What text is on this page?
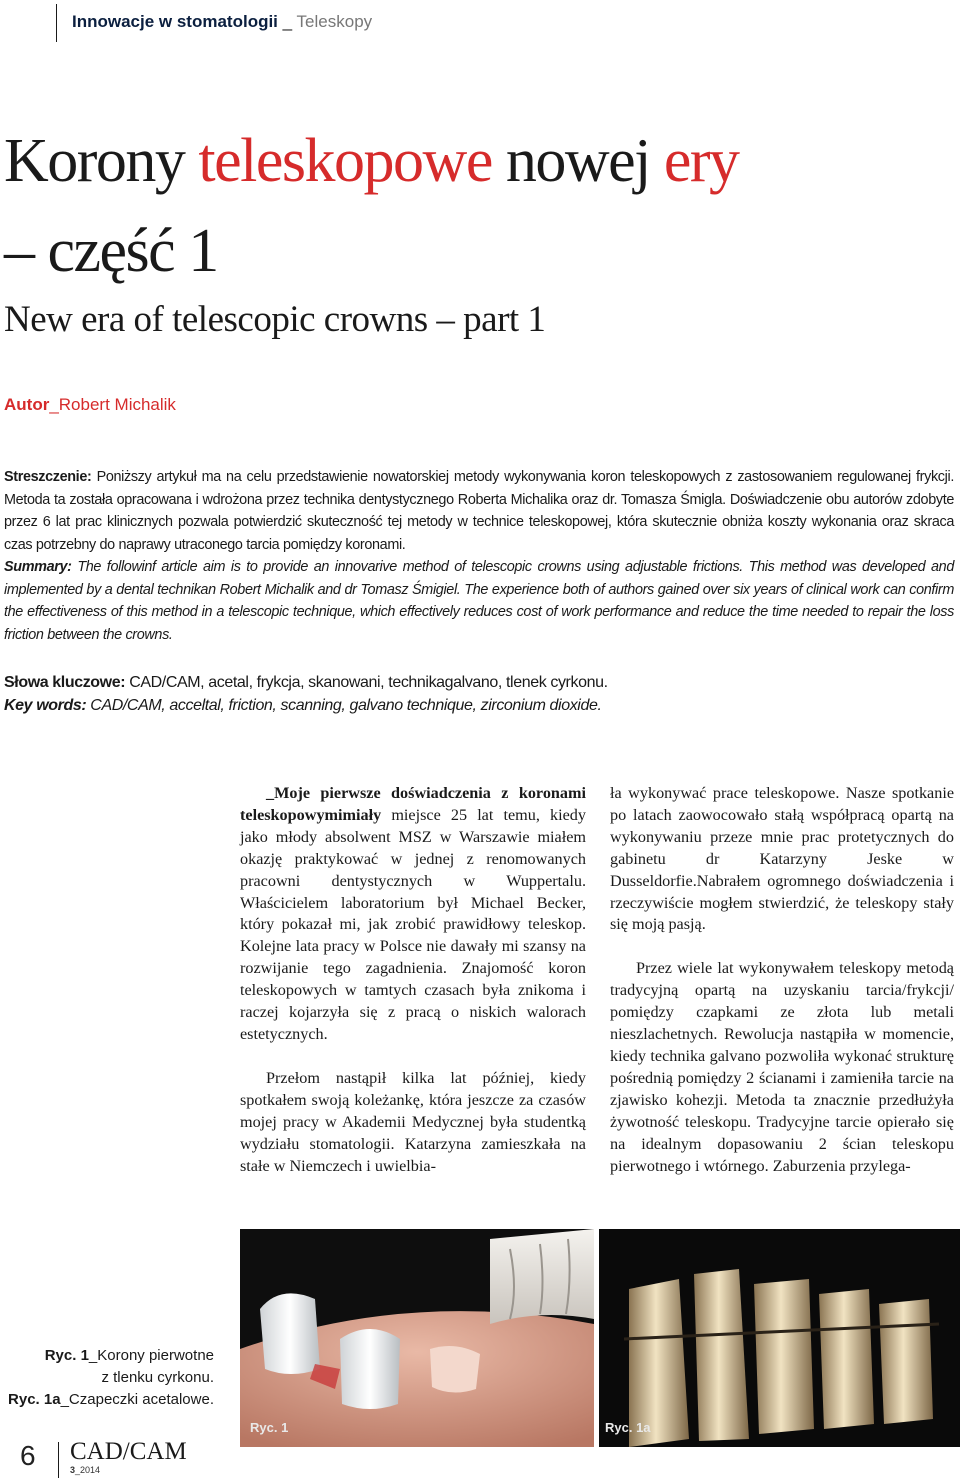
Innowacje w stomatologii _ Teleskopy
Korony teleskopowe nowej ery
– część 1
New era of telescopic crowns – part 1
Autor_Robert Michalik

Streszczenie: Poniższy artykuł ma na celu przedstawienie nowatorskiej metody wykonywania koron teleskopowych z zastosowaniem regulowanej frykcji. Metoda ta została opracowana i wdrożona przez technika dentystycznego Roberta Michalika oraz dr. Tomasza Śmigla. Doświadczenie obu autorów zdobyte przez 6 lat prac klinicznych pozwala potwierdzić skuteczność tej metody w technice teleskopowej, która skutecznie obniża koszty wykonania oraz skraca czas potrzebny do naprawy utraconego tarcia pomiędzy koronami.

Summary: The followinf article aim is to provide an innovarive method of telescopic crowns using adjustable frictions. This method was developed and implemented by a dental technikan Robert Michalik and dr Tomasz Śmigiel. The experience both of authors gained over six years of clinical work can confirm the effectiveness of this method in a telescopic technique, which effectively reduces cost of work performance and reduce the time needed to repair the loss friction between the crowns.

Słowa kluczowe: CAD/CAM, acetal, frykcja, skanowani, technikagalvano, tlenek cyrkonu.
Key words: CAD/CAM, acceltal, friction, scanning, galvano technique, zirconium dioxide.

_Moje pierwsze doświadczenia z koronami teleskopowymimiały miejsce 25 lat temu, kiedy jako młody absolwent MSZ w Warszawie miałem okazję praktykować w jednej z renomowanych pracowni dentystycznych w Wuppertalu. Właścicielem laboratorium był Michael Becker, który pokazał mi, jak zrobić prawidłowy teleskop. Kolejne lata pracy w Polsce nie dawały mi szansy na rozwijanie tego zagadnienia. Znajomość koron teleskopowych w tamtych czasach była znikoma i raczej kojarzyła się z pracą o niskich walorach estetycznych.

Przełom nastąpił kilka lat później, kiedy spotkałem swoją koleżankę, która jeszcze za czasów mojej pracy w Akademii Medycznej była studentką wydziału stomatologii. Katarzyna zamieszkała na stałe w Niemczech i uwielbia-

ła wykonywać prace teleskopowe. Nasze spotkanie po latach zaowocowało stałą współpracą opartą na wykonywaniu przeze mnie prac protetycznych do gabinetu dr Katarzyny Jeske w Dusseldorfie.Nabrałem ogromnego doświadczenia i rzeczywiście mogłem stwierdzić, że teleskopy stały się moją pasją.

Przez wiele lat wykonywałem teleskopy metodą tradycyjną opartą na uzyskaniu tarcia/frykcji/ pomiędzy czapkami ze złota lub metali nieszlachetnych. Rewolucja nastąpiła w momencie, kiedy technika galvano pozwoliła wykonać strukturę pośrednią pomiędzy 2 ścianami i zamieniła tarcie na zjawisko kohezji. Metoda ta znacznie przedłużyła żywotność teleskopu. Tradycyjne tarcie opierało się na idealnym dopasowaniu 2 ścian teleskopu pierwotnego i wtórnego. Zaburzenia przylega-

Ryc. 1	Ryc. 1a
Ryc. 1_Korony pierwotne
z tlenku cyrkonu.
Ryc. 1a_Czapeczki acetalowe.
6 CAD/CAM
3_2014
